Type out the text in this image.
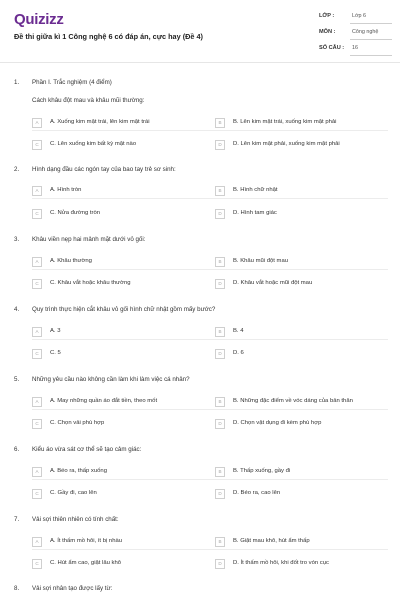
Quizizz
Đề thi giữa kì 1 Công nghệ 6 có đáp án, cực hay (Đề 4)
LỚP :	Lớp 6
MÔN :	Công nghệ
SỐ CÂU : 16
1. Phần I. Trắc nghiệm (4 điểm)
Cách khâu đột mau và khâu mũi thường:
A	A. Xuống kim mặt trái, lên kim mặt trái	B	B. Lên kim mặt trái, xuống kim mặt phải
C	C. Lên xuống kim bất kỳ mặt nào	D	D. Lên kim mặt phải, xuống kim mặt phải
2. Hình dạng đầu các ngón tay của bao tay trẻ sơ sinh:
A	A. Hình tròn	B	B. Hình chữ nhật
C	C. Nửa đường tròn	D	D. Hình tam giác
3. Khâu viền nẹp hai mảnh mặt dưới vỏ gối:
A	A. Khâu thường	B	B. Khâu mũi đột mau
C	C. Khâu vắt hoặc khâu thường	D	D. Khâu vắt hoặc mũi đột mau
4. Quy trình thực hiện cắt khâu vỏ gối hình chữ nhật gồm mấy bước?
A	A. 3	B	B. 4
C	C. 5	D	D. 6
5. Những yêu cầu nào không cần làm khi làm việc cá nhân?
A	A. May những quần áo đắt tiền, theo mốt	B	B. Những đặc điểm về vóc dáng của bản thân
C	C. Chọn vải phù hợp	D	D. Chọn vật dụng đi kèm phù hợp
6. Kiểu áo vừa sát cơ thể sẽ tạo cảm giác:
A	A. Béo ra, thấp xuống	B	B. Thấp xuống, gầy đi
C	C. Gầy đi, cao lên	D	D. Béo ra, cao lên
7. Vải sợi thiên nhiên có tính chất:
A	A. Ít thấm mồ hôi, ít bị nhàu	B	B. Giặt mau khô, hút ẩm thấp
C	C. Hút ẩm cao, giặt lâu khô	D	D. Ít thấm mồ hôi, khi đốt tro vón cục
8. Vải sợi nhân tạo được lấy từ:
